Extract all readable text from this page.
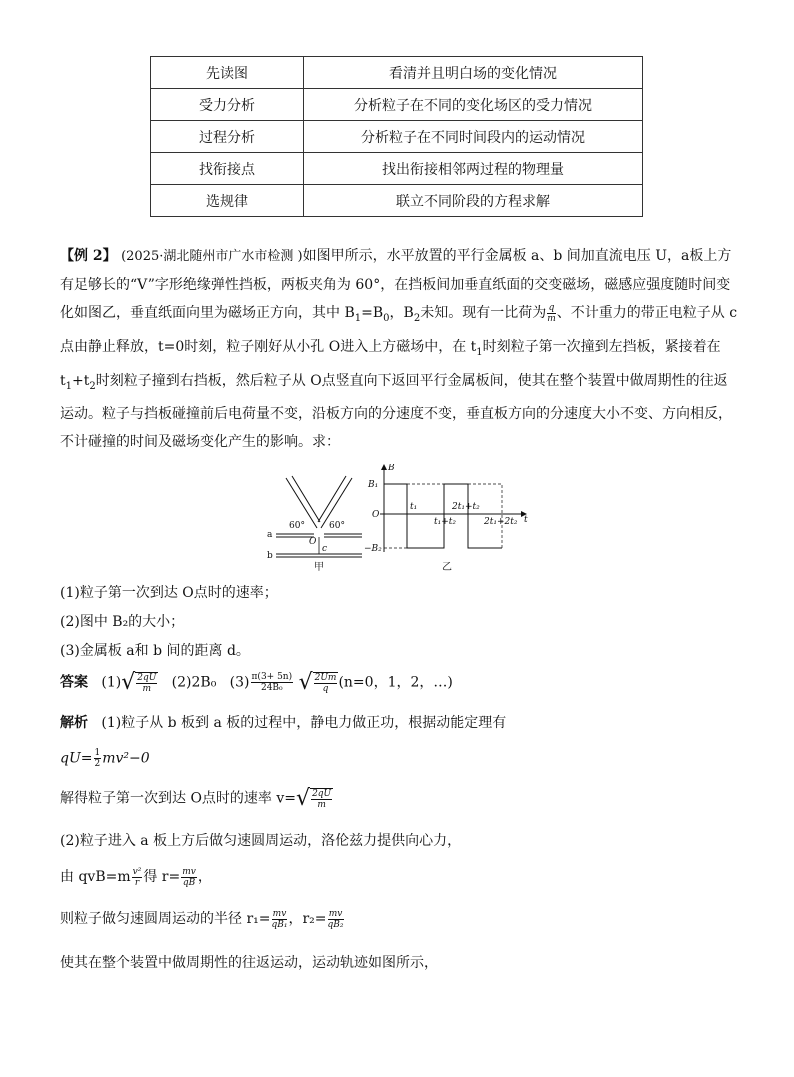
先读图	看清并且明白场的变化情况
受力分析	分析粒子在不同的变化场区的受力情况
过程分析	分析粒子在不同时间段内的运动情况
找衔接点	找出衔接相邻两过程的物理量
选规律	联立不同阶段的方程求解

【例 2】 (2025·湖北随州市广水市检测 )如图甲所示，水平放置的平行金属板 a、b 间加直流电压 U，a板上方有足够长的“V”字形绝缘弹性挡板，两板夹角为 60°，在挡板间加垂直纸面的交变磁场，磁感应强度随时间变化如图乙，垂直纸面向里为磁场正方向，其中 $B_1=B_0$，$B_2$未知。现有一比荷为 $\frac{q}{m}$ 、不计重力的带正电粒子从 c点由静止释放，t=0时刻，粒子刚好从小孔 O进入上方磁场中，在 $t_1$时刻粒子第一次撞到左挡板，紧接着在 $t_1+t_2$时刻粒子撞到右挡板，然后粒子从 O点竖直向下返回平行金属板间，使其在整个装置中做周期性的往返运动。粒子与挡板碰撞前后电荷量不变，沿板方向的分速度不变，垂直板方向的分速度大小不变、方向相反，不计碰撞的时间及磁场变化产生的影响。求：

60°	60°
a
b
O
c
甲
B
t
B₁
O
−B₂
t₁
t₁+t₂
2t₁+t₂
2t₁+2t₂
乙
(1)粒子第一次到达 O点时的速率；
(2)图中 B₂的大小；
(3)金属板 a和 b 间的距离 d。
答案 $(1)√ \frac{2qU}{m} (2)2B_0$ $(3) \frac{\pi(3+ 5n)}{\text{24B₀}}$ √ $\frac{2Um}{q} (n=0$，1，2，…)
解析 (1)粒子从 b 板到 a 板的过程中，静电力做正功，根据动能定理有
$qU= \frac{1}{2} mv^2-0$
解得粒子第一次到达 O点时的速率 $v=√ \frac{2qU}{m}$
(2)粒子进入 a 板上方后做匀速圆周运动，洛伦兹力提供向心力，
由 $qvB=m \frac{\text{v²}}{r}$ 得 $r= \frac{mv}{qB}$ ，
则粒子做匀速圆周运动的半径 $r_1= \frac{mv}{\text{qB₁}}$ ，$r_2= \frac{mv}{\text{qB₂}}$
使其在整个装置中做周期性的往返运动，运动轨迹如图所示，
